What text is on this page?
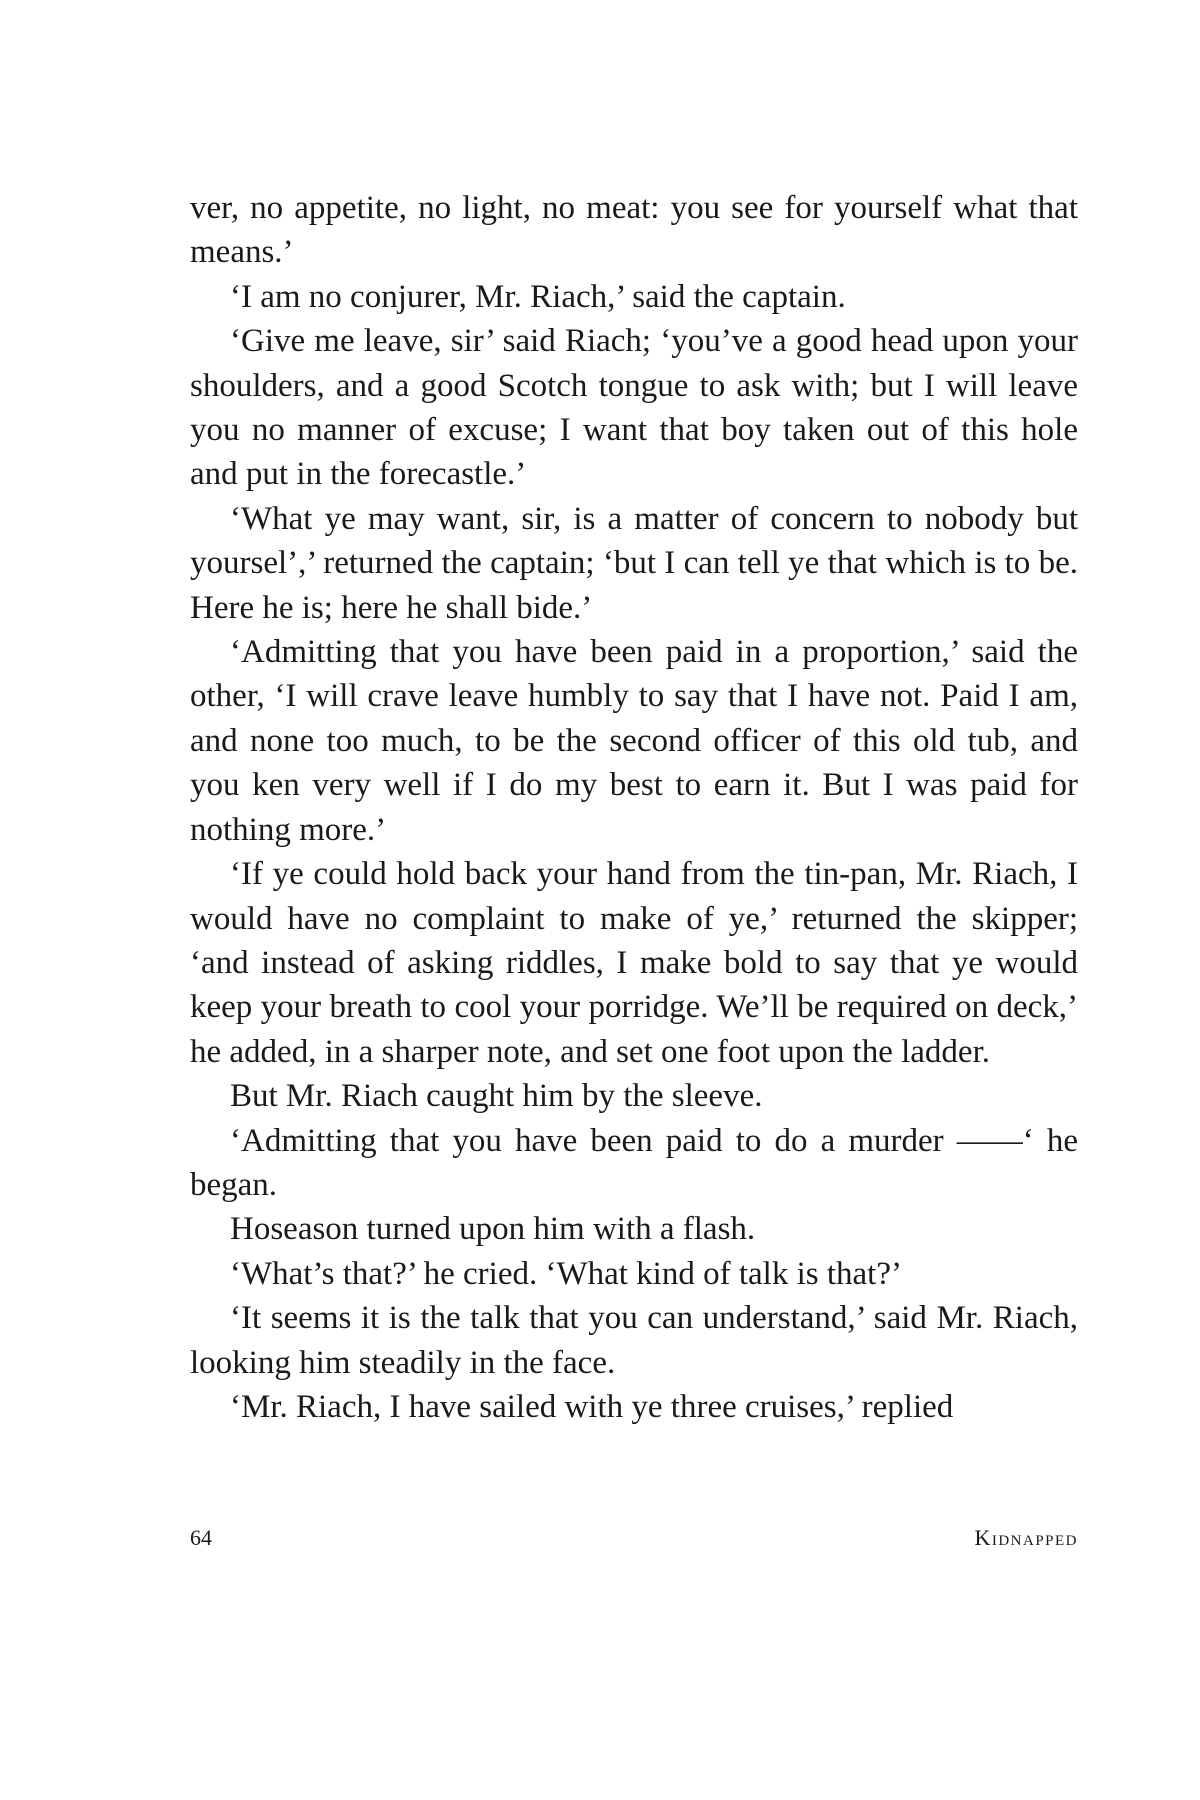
ver, no appetite, no light, no meat: you see for yourself what that means.’

‘I am no conjurer, Mr. Riach,’ said the captain.

‘Give me leave, sir’ said Riach; ‘you’ve a good head upon your shoulders, and a good Scotch tongue to ask with; but I will leave you no manner of excuse; I want that boy taken out of this hole and put in the forecastle.’

‘What ye may want, sir, is a matter of concern to nobody but yoursel’,’ returned the captain; ‘but I can tell ye that which is to be. Here he is; here he shall bide.’

‘Admitting that you have been paid in a proportion,’ said the other, ‘I will crave leave humbly to say that I have not. Paid I am, and none too much, to be the second officer of this old tub, and you ken very well if I do my best to earn it. But I was paid for nothing more.’

‘If ye could hold back your hand from the tin-pan, Mr. Riach, I would have no complaint to make of ye,’ returned the skipper; ‘and instead of asking riddles, I make bold to say that ye would keep your breath to cool your porridge. We’ll be required on deck,’ he added, in a sharper note, and set one foot upon the ladder.

But Mr. Riach caught him by the sleeve.

‘Admitting that you have been paid to do a murder ——‘ he began.

Hoseason turned upon him with a flash.

‘What’s that?’ he cried. ‘What kind of talk is that?’

‘It seems it is the talk that you can understand,’ said Mr. Riach, looking him steadily in the face.

‘Mr. Riach, I have sailed with ye three cruises,’ replied

64	Kidnapped
